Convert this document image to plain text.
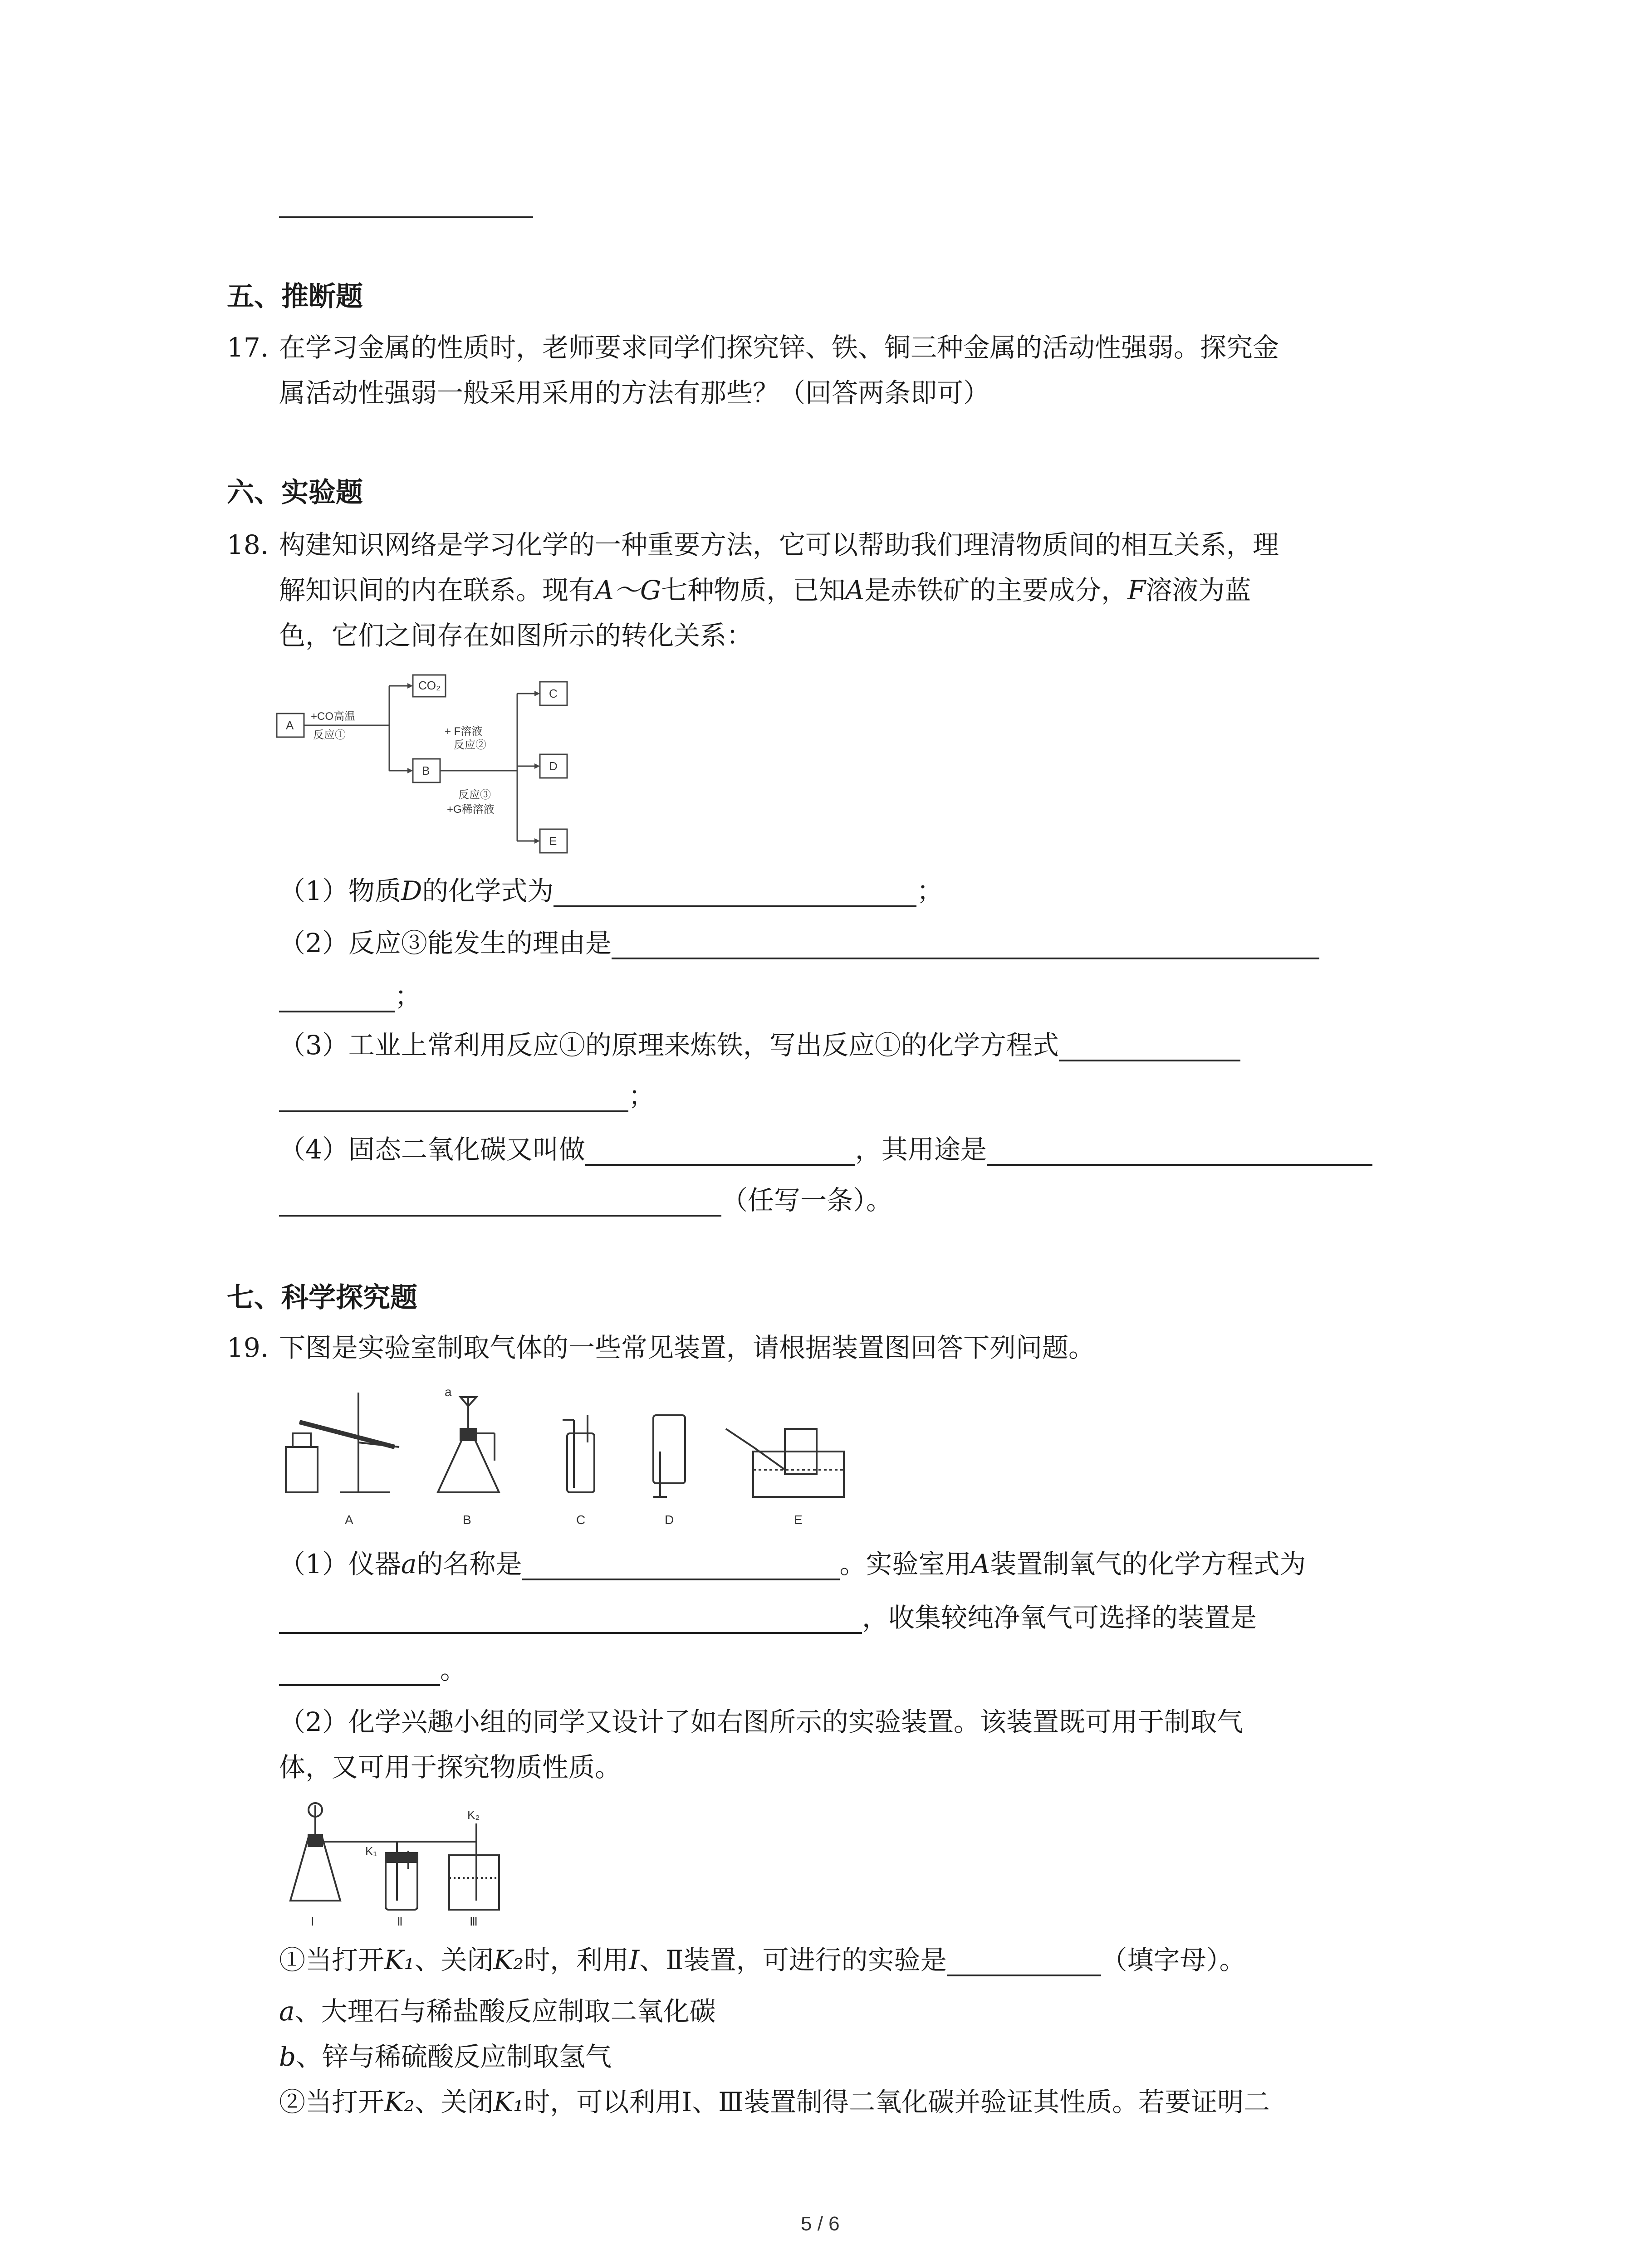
五、推断题
17. 在学习金属的性质时，老师要求同学们探究锌、铁、铜三种金属的活动性强弱。探究金
属活动性强弱一般采用采用的方法有那些？（回答两条即可）
六、实验题
18. 构建知识网络是学习化学的一种重要方法，它可以帮助我们理清物质间的相互关系，理
解知识间的内在联系。现有A～G七种物质，已知A是赤铁矿的主要成分，F溶液为蓝
色，它们之间存在如图所示的转化关系：
A
CO₂
B
C
D
E
+CO高温
反应①	+ F溶液
反应②
反应③
+G稀溶液
（1）物质D的化学式为	；
（2）反应③能发生的理由是
；
（3）工业上常利用反应①的原理来炼铁，写出反应①的化学方程式
；
（4）固态二氧化碳又叫做	，其用途是
（任写一条）。
七、科学探究题
19. 下图是实验室制取气体的一些常见装置，请根据装置图回答下列问题。
A	B	C	D	E
a
（1）仪器a的名称是	。实验室用A装置制氧气的化学方程式为
，收集较纯净氧气可选择的装置是
。
（2）化学兴趣小组的同学又设计了如右图所示的实验装置。该装置既可用于制取气
体，又可用于探究物质性质。
K₁
K₂
Ⅰ	Ⅱ	Ⅲ
①当打开K₁、关闭K₂时，利用I、Ⅱ装置，可进行的实验是	（填字母）。
a、大理石与稀盐酸反应制取二氧化碳
b、锌与稀硫酸反应制取氢气
②当打开K₂、关闭K₁时，可以利用Ⅰ、Ⅲ装置制得二氧化碳并验证其性质。若要证明二
5 / 6
